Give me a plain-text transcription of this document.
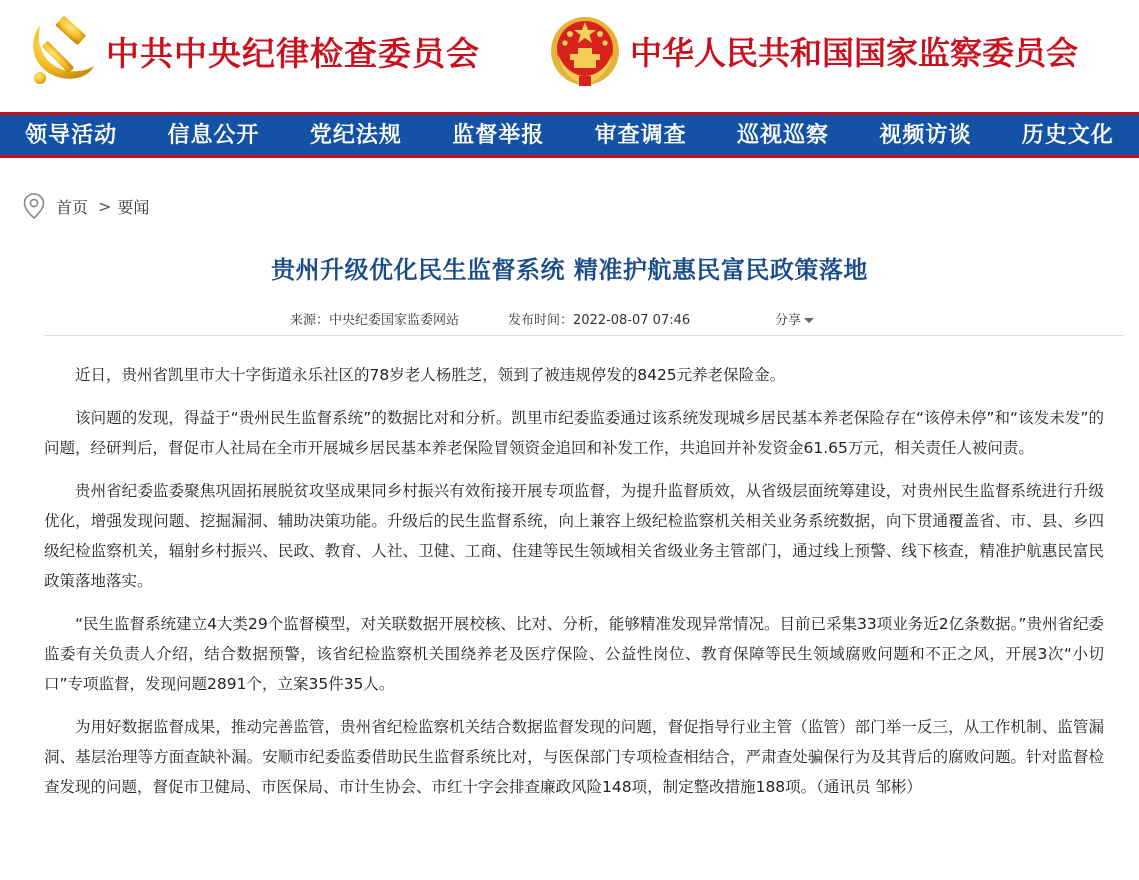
中共中央纪律检查委员会	中华人民共和国国家监察委员会
领导活动	信息公开	党纪法规	监督举报	审查调查	巡视巡察	视频访谈	历史文化
首页 > 要闻
贵州升级优化民生监督系统 精准护航惠民富民政策落地
来源：中央纪委国家监委网站	发布时间：2022-08-07 07:46	分享

近日，贵州省凯里市大十字街道永乐社区的78岁老人杨胜芝，领到了被违规停发的8425元养老保险金。

该问题的发现，得益于“贵州民生监督系统”的数据比对和分析。凯里市纪委监委通过该系统发现城乡居民基本养老保险存在“该停未停”和“该发未发”的问题，经研判后，督促市人社局在全市开展城乡居民基本养老保险冒领资金追回和补发工作，共追回并补发资金61.65万元，相关责任人被问责。

贵州省纪委监委聚焦巩固拓展脱贫攻坚成果同乡村振兴有效衔接开展专项监督，为提升监督质效，从省级层面统筹建设，对贵州民生监督系统进行升级优化，增强发现问题、挖掘漏洞、辅助决策功能。升级后的民生监督系统，向上兼容上级纪检监察机关相关业务系统数据，向下贯通覆盖省、市、县、乡四级纪检监察机关，辐射乡村振兴、民政、教育、人社、卫健、工商、住建等民生领域相关省级业务主管部门，通过线上预警、线下核查，精准护航惠民富民政策落地落实。

“民生监督系统建立4大类29个监督模型，对关联数据开展校核、比对、分析，能够精准发现异常情况。目前已采集33项业务近2亿条数据。”贵州省纪委监委有关负责人介绍，结合数据预警，该省纪检监察机关围绕养老及医疗保险、公益性岗位、教育保障等民生领域腐败问题和不正之风，开展3次“小切口”专项监督，发现问题2891个，立案35件35人。

为用好数据监督成果，推动完善监管，贵州省纪检监察机关结合数据监督发现的问题，督促指导行业主管（监管）部门举一反三，从工作机制、监管漏洞、基层治理等方面查缺补漏。安顺市纪委监委借助民生监督系统比对，与医保部门专项检查相结合，严肃查处骗保行为及其背后的腐败问题。针对监督检查发现的问题，督促市卫健局、市医保局、市计生协会、市红十字会排查廉政风险148项，制定整改措施188项。（通讯员 邹彬）
